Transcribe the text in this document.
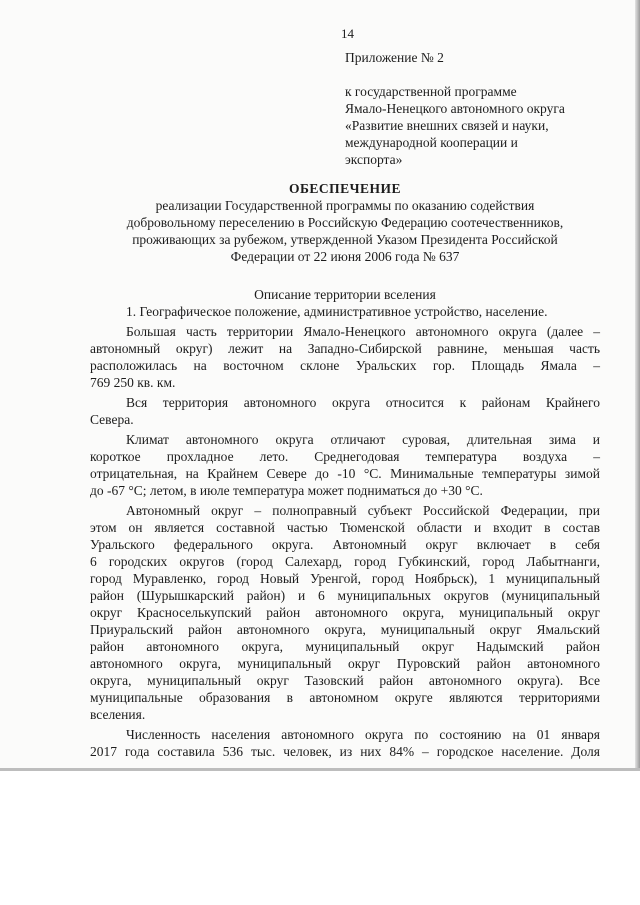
14
Приложение № 2
к государственной программе
Ямало-Ненецкого автономного округа
«Развитие внешних связей и науки,
международной кооперации и
экспорта»
ОБЕСПЕЧЕНИЕ
реализации Государственной программы по оказанию содействия
добровольному переселению в Российскую Федерацию соотечественников,
проживающих за рубежом, утвержденной Указом Президента Российской
Федерации от 22 июня 2006 года № 637
Описание территории вселения
1. Географическое положение, административное устройство, население.
Большая часть территории Ямало-Ненецкого автономного округа (далее –
автономный округ) лежит на Западно-Сибирской равнине, меньшая часть
расположилась на восточном склоне Уральских гор. Площадь Ямала –
769 250 кв. км.
Вся территория автономного округа относится к районам Крайнего
Севера.
Климат автономного округа отличают суровая, длительная зима и
короткое прохладное лето. Среднегодовая температура воздуха –
отрицательная, на Крайнем Севере до -10 °С. Минимальные температуры зимой
до -67 °С; летом, в июле температура может подниматься до +30 °С.
Автономный округ – полноправный субъект Российской Федерации, при
этом он является составной частью Тюменской области и входит в состав
Уральского федерального округа. Автономный округ включает в себя
6 городских округов (город Салехард, город Губкинский, город Лабытнанги,
город Муравленко, город Новый Уренгой, город Ноябрьск), 1 муниципальный
район (Шурышкарский район) и 6 муниципальных округов (муниципальный
округ Красноселькупский район автономного округа, муниципальный округ
Приуральский район автономного округа, муниципальный округ Ямальский
район автономного округа, муниципальный округ Надымский район
автономного округа, муниципальный округ Пуровский район автономного
округа, муниципальный округ Тазовский район автономного округа). Все
муниципальные образования в автономном округе являются территориями
вселения.
Численность населения автономного округа по состоянию на 01 января
2017 года составила 536 тыс. человек, из них 84% – городское население. Доля
